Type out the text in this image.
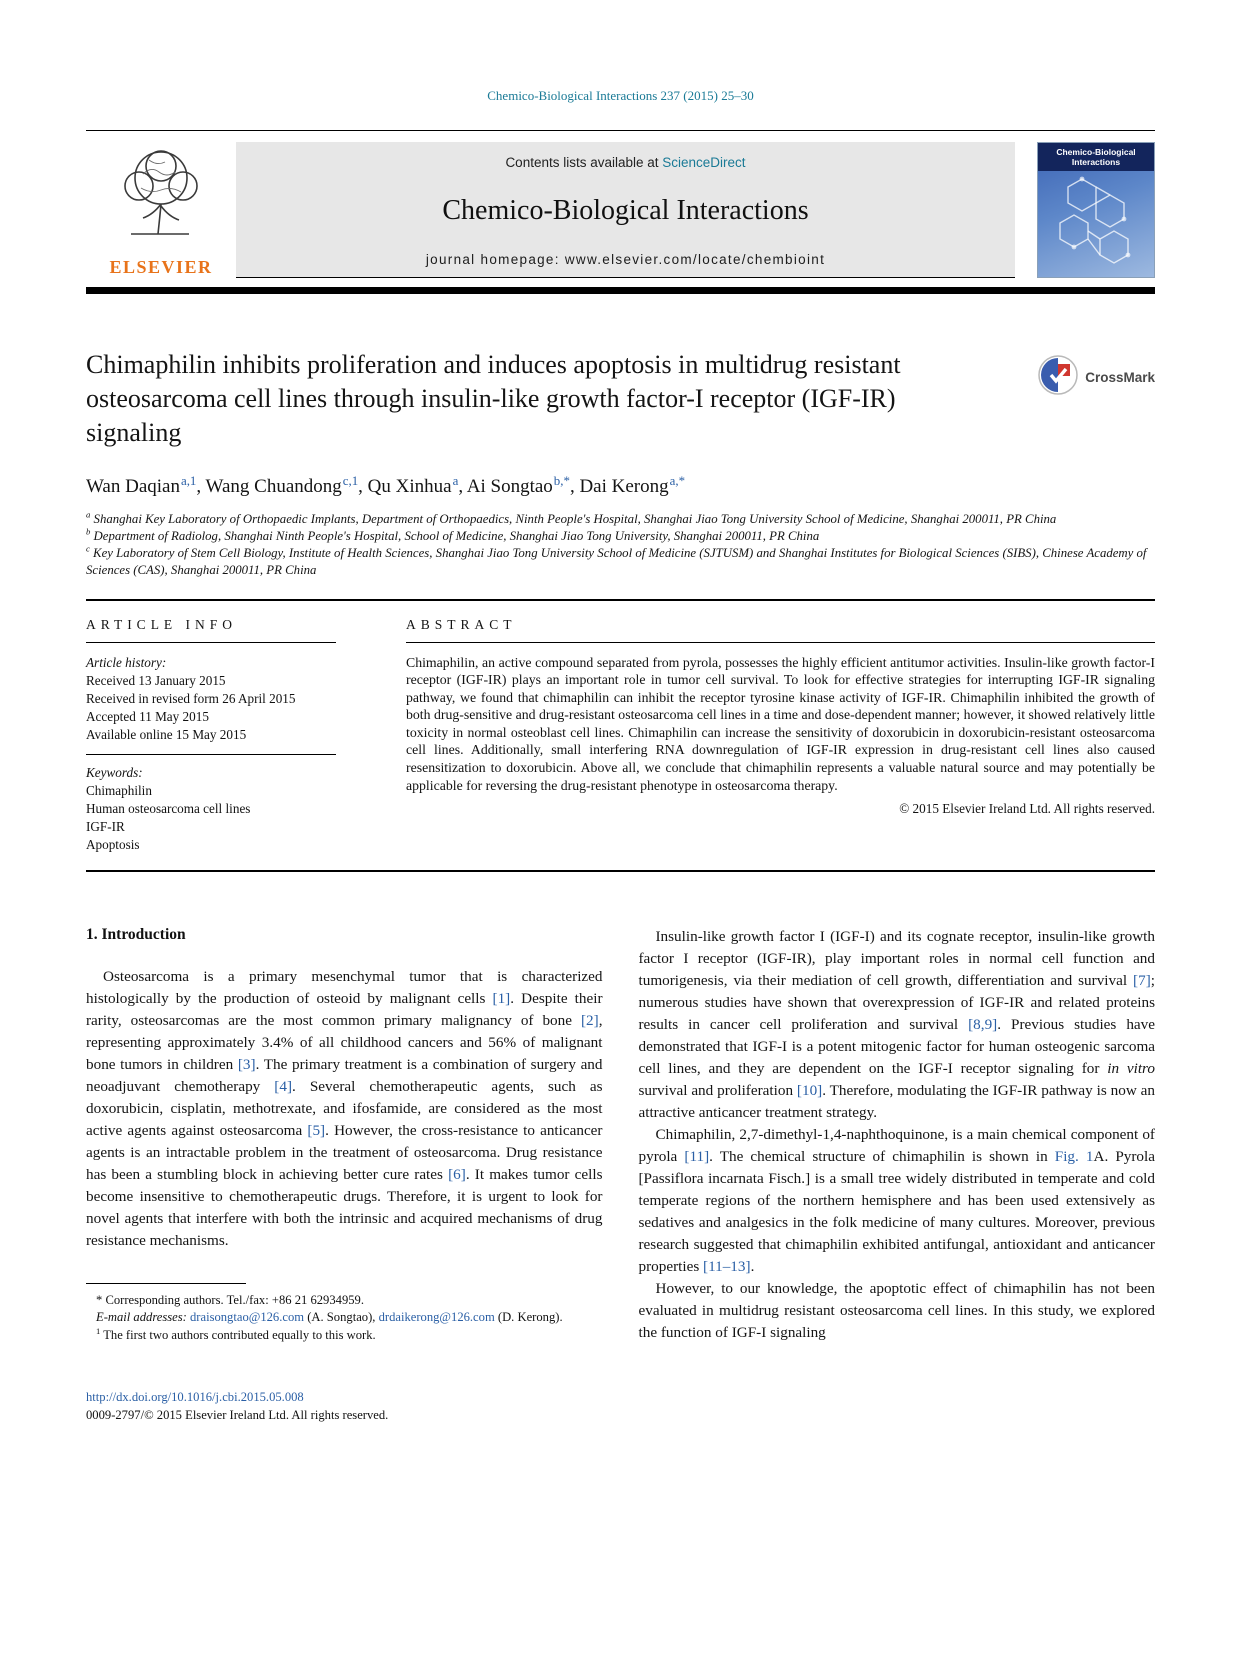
Chemico-Biological Interactions 237 (2015) 25–30
ELSEVIER
Contents lists available at ScienceDirect
Chemico-Biological Interactions
journal homepage: www.elsevier.com/locate/chembioint
Chemico-Biological Interactions
Chimaphilin inhibits proliferation and induces apoptosis in multidrug resistant osteosarcoma cell lines through insulin-like growth factor-I receptor (IGF-IR) signaling
CrossMark
Wan Daqian$^{a,1}$, Wang Chuandong$^{c,1}$, Qu Xinhua$^a$, Ai Songtao$^{b,*}$, Dai Kerong$^{a,*}$
$^a$ Shanghai Key Laboratory of Orthopaedic Implants, Department of Orthopaedics, Ninth People's Hospital, Shanghai Jiao Tong University School of Medicine, Shanghai 200011, PR China
$^b$ Department of Radiolog, Shanghai Ninth People's Hospital, School of Medicine, Shanghai Jiao Tong University, Shanghai 200011, PR China
$^c$ Key Laboratory of Stem Cell Biology, Institute of Health Sciences, Shanghai Jiao Tong University School of Medicine (SJTUSM) and Shanghai Institutes for Biological Sciences (SIBS), Chinese Academy of Sciences (CAS), Shanghai 200011, PR China
ARTICLE INFO
Article history:
Received 13 January 2015
Received in revised form 26 April 2015
Accepted 11 May 2015
Available online 15 May 2015
Keywords:
Chimaphilin
Human osteosarcoma cell lines
IGF-IR
Apoptosis
ABSTRACT
Chimaphilin, an active compound separated from pyrola, possesses the highly efficient antitumor activities. Insulin-like growth factor-I receptor (IGF-IR) plays an important role in tumor cell survival. To look for effective strategies for interrupting IGF-IR signaling pathway, we found that chimaphilin can inhibit the receptor tyrosine kinase activity of IGF-IR. Chimaphilin inhibited the growth of both drug-sensitive and drug-resistant osteosarcoma cell lines in a time and dose-dependent manner; however, it showed relatively little toxicity in normal osteoblast cell lines. Chimaphilin can increase the sensitivity of doxorubicin in doxorubicin-resistant osteosarcoma cell lines. Additionally, small interfering RNA downregulation of IGF-IR expression in drug-resistant cell lines also caused resensitization to doxorubicin. Above all, we conclude that chimaphilin represents a valuable natural source and may potentially be applicable for reversing the drug-resistant phenotype in osteosarcoma therapy.
© 2015 Elsevier Ireland Ltd. All rights reserved.
1. Introduction

Osteosarcoma is a primary mesenchymal tumor that is characterized histologically by the production of osteoid by malignant cells [1]. Despite their rarity, osteosarcomas are the most common primary malignancy of bone [2], representing approximately 3.4% of all childhood cancers and 56% of malignant bone tumors in children [3]. The primary treatment is a combination of surgery and neoadjuvant chemotherapy [4]. Several chemotherapeutic agents, such as doxorubicin, cisplatin, methotrexate, and ifosfamide, are considered as the most active agents against osteosarcoma [5]. However, the cross-resistance to anticancer agents is an intractable problem in the treatment of osteosarcoma. Drug resistance has been a stumbling block in achieving better cure rates [6]. It makes tumor cells become insensitive to chemotherapeutic drugs. Therefore, it is urgent to look for novel agents that interfere with both the intrinsic and acquired mechanisms of drug resistance mechanisms.

* Corresponding authors. Tel./fax: +86 21 62934959.
E-mail addresses: draisongtao@126.com (A. Songtao), drdaikerong@126.com (D. Kerong).
$^1$ The first two authors contributed equally to this work.

Insulin-like growth factor I (IGF-I) and its cognate receptor, insulin-like growth factor I receptor (IGF-IR), play important roles in normal cell function and tumorigenesis, via their mediation of cell growth, differentiation and survival [7]; numerous studies have shown that overexpression of IGF-IR and related proteins results in cancer cell proliferation and survival [8,9]. Previous studies have demonstrated that IGF-I is a potent mitogenic factor for human osteogenic sarcoma cell lines, and they are dependent on the IGF-I receptor signaling for in vitro survival and proliferation [10]. Therefore, modulating the IGF-IR pathway is now an attractive anticancer treatment strategy.

Chimaphilin, 2,7-dimethyl-1,4-naphthoquinone, is a main chemical component of pyrola [11]. The chemical structure of chimaphilin is shown in Fig. 1A. Pyrola [Passiflora incarnata Fisch.] is a small tree widely distributed in temperate and cold temperate regions of the northern hemisphere and has been used extensively as sedatives and analgesics in the folk medicine of many cultures. Moreover, previous research suggested that chimaphilin exhibited antifungal, antioxidant and anticancer properties [11–13].

However, to our knowledge, the apoptotic effect of chimaphilin has not been evaluated in multidrug resistant osteosarcoma cell lines. In this study, we explored the function of IGF-I signaling

http://dx.doi.org/10.1016/j.cbi.2015.05.008
0009-2797/© 2015 Elsevier Ireland Ltd. All rights reserved.
